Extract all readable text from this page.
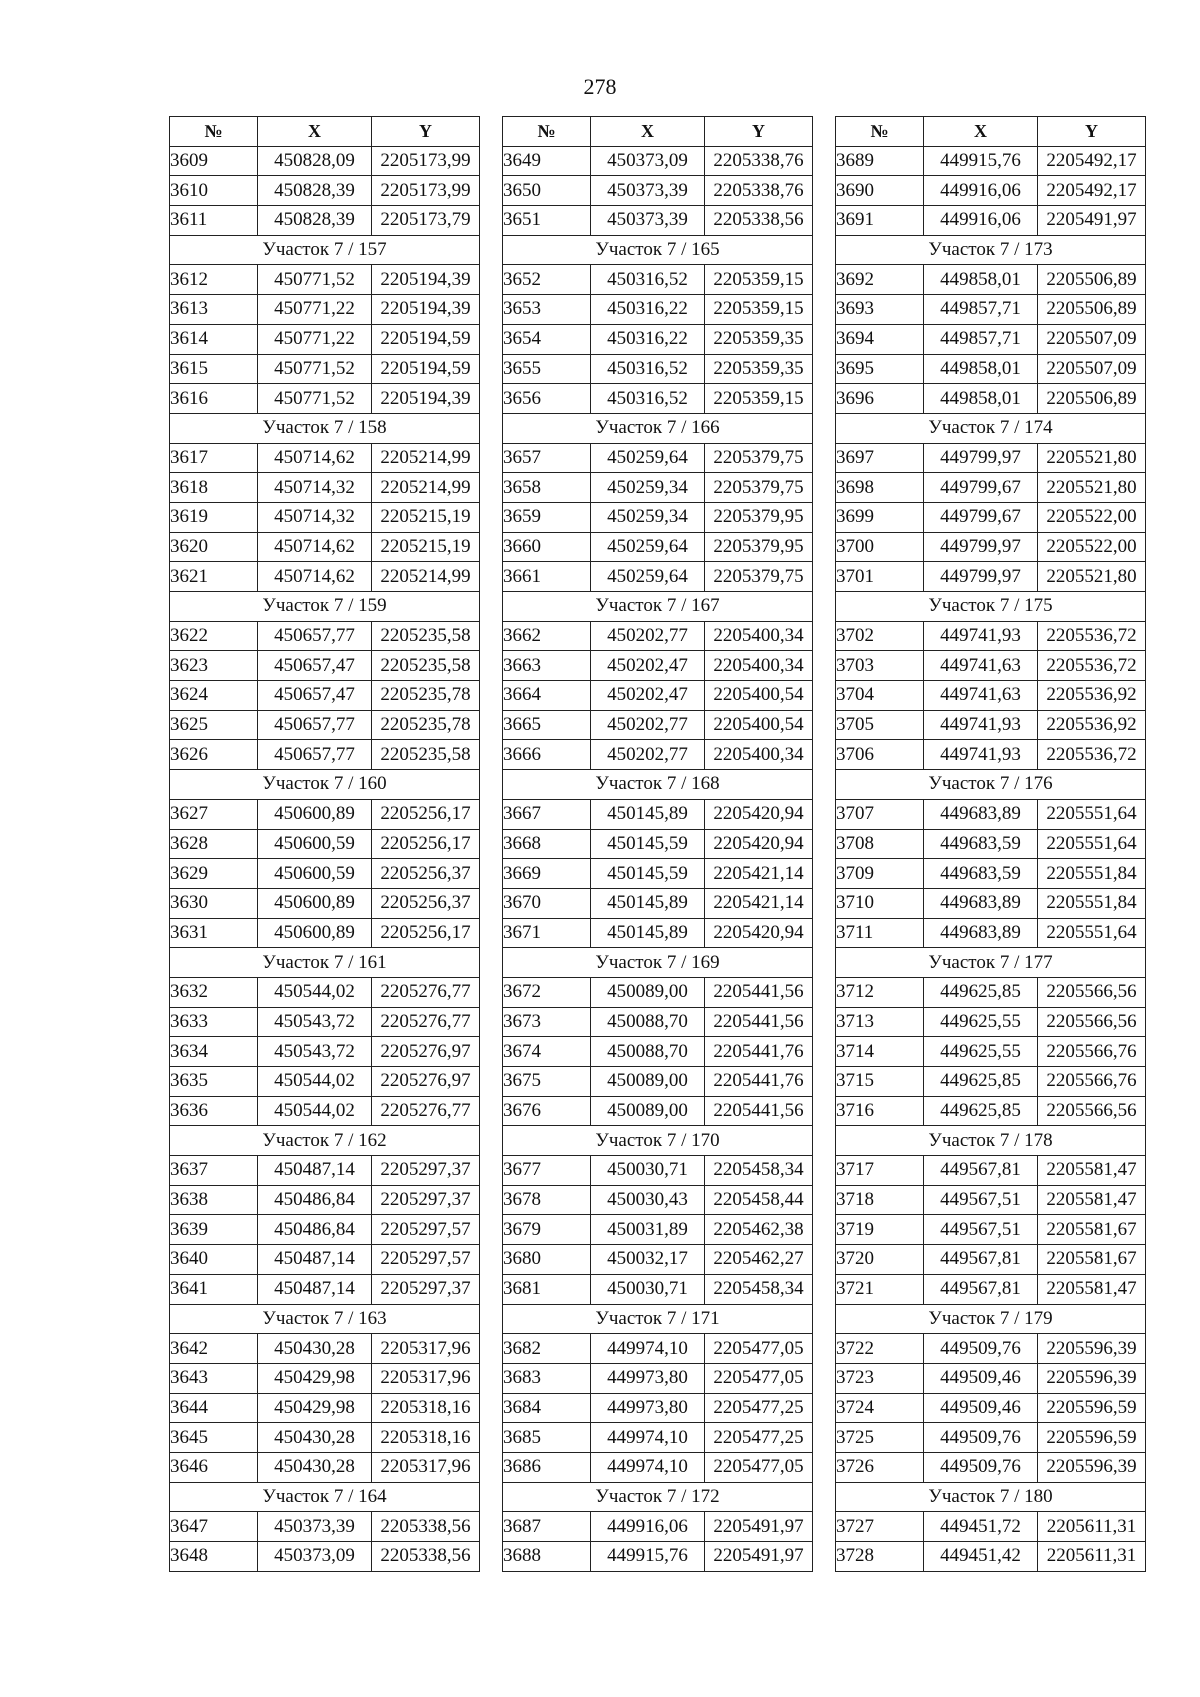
278
№	X	Y
3609	450828,09	2205173,99
3610	450828,39	2205173,99
3611	450828,39	2205173,79
Участок 7 / 157		
3612	450771,52	2205194,39
3613	450771,22	2205194,39
3614	450771,22	2205194,59
3615	450771,52	2205194,59
3616	450771,52	2205194,39
Участок 7 / 158		
3617	450714,62	2205214,99
3618	450714,32	2205214,99
3619	450714,32	2205215,19
3620	450714,62	2205215,19
3621	450714,62	2205214,99
Участок 7 / 159		
3622	450657,77	2205235,58
3623	450657,47	2205235,58
3624	450657,47	2205235,78
3625	450657,77	2205235,78
3626	450657,77	2205235,58
Участок 7 / 160		
3627	450600,89	2205256,17
3628	450600,59	2205256,17
3629	450600,59	2205256,37
3630	450600,89	2205256,37
3631	450600,89	2205256,17
Участок 7 / 161		
3632	450544,02	2205276,77
3633	450543,72	2205276,77
3634	450543,72	2205276,97
3635	450544,02	2205276,97
3636	450544,02	2205276,77
Участок 7 / 162		
3637	450487,14	2205297,37
3638	450486,84	2205297,37
3639	450486,84	2205297,57
3640	450487,14	2205297,57
3641	450487,14	2205297,37
Участок 7 / 163		
3642	450430,28	2205317,96
3643	450429,98	2205317,96
3644	450429,98	2205318,16
3645	450430,28	2205318,16
3646	450430,28	2205317,96
Участок 7 / 164		
3647	450373,39	2205338,56
3648	450373,09	2205338,56
№	X	Y
3649	450373,09	2205338,76
3650	450373,39	2205338,76
3651	450373,39	2205338,56
Участок 7 / 165		
3652	450316,52	2205359,15
3653	450316,22	2205359,15
3654	450316,22	2205359,35
3655	450316,52	2205359,35
3656	450316,52	2205359,15
Участок 7 / 166		
3657	450259,64	2205379,75
3658	450259,34	2205379,75
3659	450259,34	2205379,95
3660	450259,64	2205379,95
3661	450259,64	2205379,75
Участок 7 / 167		
3662	450202,77	2205400,34
3663	450202,47	2205400,34
3664	450202,47	2205400,54
3665	450202,77	2205400,54
3666	450202,77	2205400,34
Участок 7 / 168		
3667	450145,89	2205420,94
3668	450145,59	2205420,94
3669	450145,59	2205421,14
3670	450145,89	2205421,14
3671	450145,89	2205420,94
Участок 7 / 169		
3672	450089,00	2205441,56
3673	450088,70	2205441,56
3674	450088,70	2205441,76
3675	450089,00	2205441,76
3676	450089,00	2205441,56
Участок 7 / 170		
3677	450030,71	2205458,34
3678	450030,43	2205458,44
3679	450031,89	2205462,38
3680	450032,17	2205462,27
3681	450030,71	2205458,34
Участок 7 / 171		
3682	449974,10	2205477,05
3683	449973,80	2205477,05
3684	449973,80	2205477,25
3685	449974,10	2205477,25
3686	449974,10	2205477,05
Участок 7 / 172		
3687	449916,06	2205491,97
3688	449915,76	2205491,97
№	X	Y
3689	449915,76	2205492,17
3690	449916,06	2205492,17
3691	449916,06	2205491,97
Участок 7 / 173		
3692	449858,01	2205506,89
3693	449857,71	2205506,89
3694	449857,71	2205507,09
3695	449858,01	2205507,09
3696	449858,01	2205506,89
Участок 7 / 174		
3697	449799,97	2205521,80
3698	449799,67	2205521,80
3699	449799,67	2205522,00
3700	449799,97	2205522,00
3701	449799,97	2205521,80
Участок 7 / 175		
3702	449741,93	2205536,72
3703	449741,63	2205536,72
3704	449741,63	2205536,92
3705	449741,93	2205536,92
3706	449741,93	2205536,72
Участок 7 / 176		
3707	449683,89	2205551,64
3708	449683,59	2205551,64
3709	449683,59	2205551,84
3710	449683,89	2205551,84
3711	449683,89	2205551,64
Участок 7 / 177		
3712	449625,85	2205566,56
3713	449625,55	2205566,56
3714	449625,55	2205566,76
3715	449625,85	2205566,76
3716	449625,85	2205566,56
Участок 7 / 178		
3717	449567,81	2205581,47
3718	449567,51	2205581,47
3719	449567,51	2205581,67
3720	449567,81	2205581,67
3721	449567,81	2205581,47
Участок 7 / 179		
3722	449509,76	2205596,39
3723	449509,46	2205596,39
3724	449509,46	2205596,59
3725	449509,76	2205596,59
3726	449509,76	2205596,39
Участок 7 / 180		
3727	449451,72	2205611,31
3728	449451,42	2205611,31
